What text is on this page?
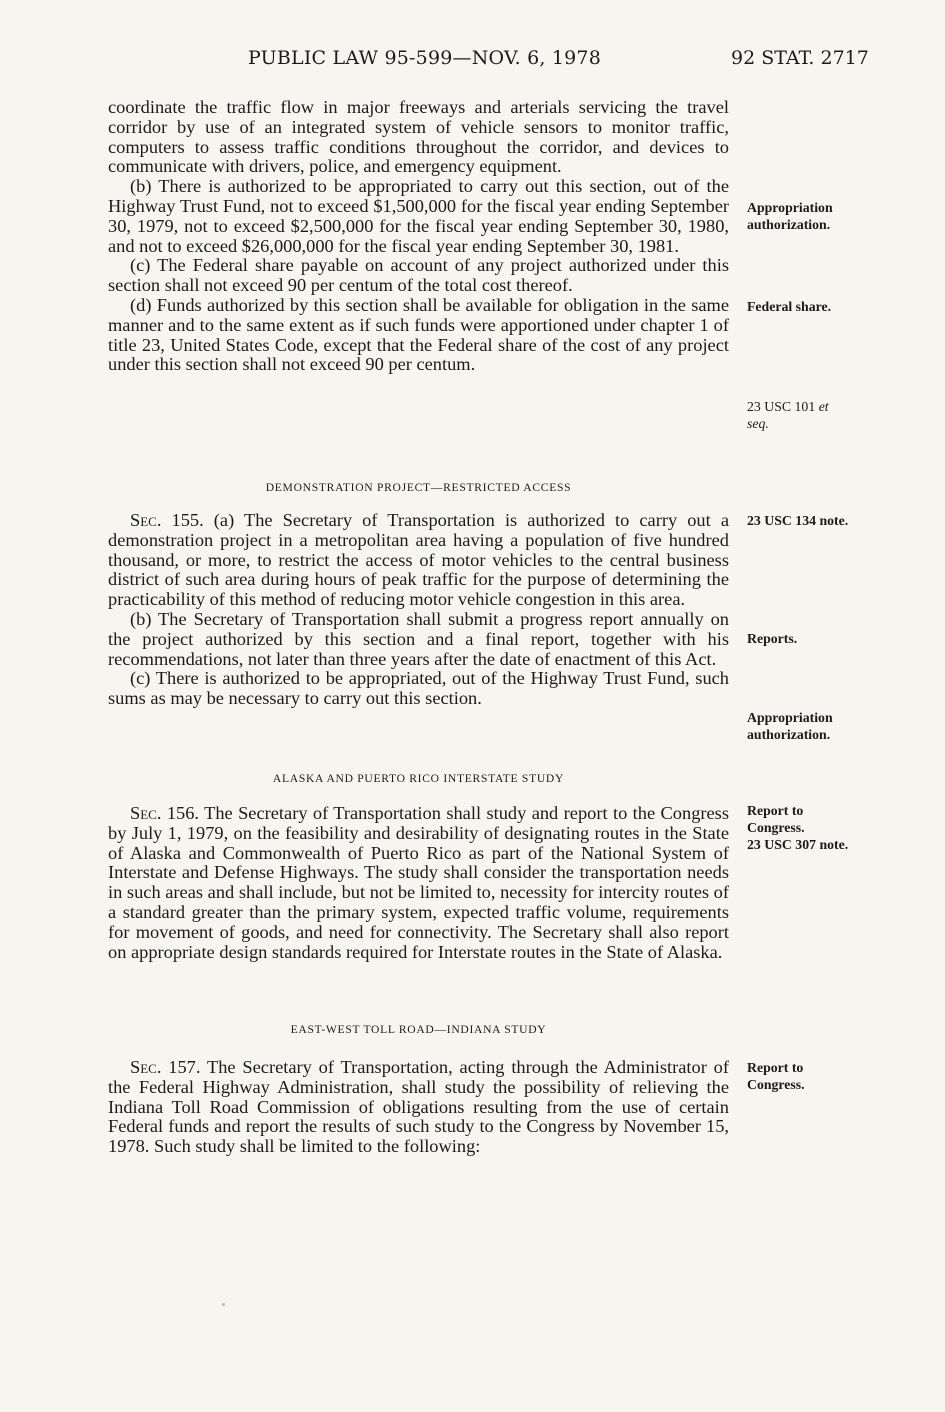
PUBLIC LAW 95-599—NOV. 6, 1978	92 STAT. 2717

coordinate the traffic flow in major freeways and arterials servicing the travel corridor by use of an integrated system of vehicle sensors to monitor traffic, computers to assess traffic conditions throughout the corridor, and devices to communicate with drivers, police, and emergency equipment.

(b) There is authorized to be appropriated to carry out this section, out of the Highway Trust Fund, not to exceed $1,500,000 for the fiscal year ending September 30, 1979, not to exceed $2,500,000 for the fiscal year ending September 30, 1980, and not to exceed $26,000,000 for the fiscal year ending September 30, 1981.

(c) The Federal share payable on account of any project authorized under this section shall not exceed 90 per centum of the total cost thereof.

(d) Funds authorized by this section shall be available for obligation in the same manner and to the same extent as if such funds were apportioned under chapter 1 of title 23, United States Code, except that the Federal share of the cost of any project under this section shall not exceed 90 per centum.

DEMONSTRATION PROJECT—RESTRICTED ACCESS

Sec. 155. (a) The Secretary of Transportation is authorized to carry out a demonstration project in a metropolitan area having a population of five hundred thousand, or more, to restrict the access of motor vehicles to the central business district of such area during hours of peak traffic for the purpose of determining the practicability of this method of reducing motor vehicle congestion in this area.

(b) The Secretary of Transportation shall submit a progress report annually on the project authorized by this section and a final report, together with his recommendations, not later than three years after the date of enactment of this Act.

(c) There is authorized to be appropriated, out of the Highway Trust Fund, such sums as may be necessary to carry out this section.

ALASKA AND PUERTO RICO INTERSTATE STUDY

Sec. 156. The Secretary of Transportation shall study and report to the Congress by July 1, 1979, on the feasibility and desirability of designating routes in the State of Alaska and Commonwealth of Puerto Rico as part of the National System of Interstate and Defense Highways. The study shall consider the transportation needs in such areas and shall include, but not be limited to, necessity for intercity routes of a standard greater than the primary system, expected traffic volume, requirements for movement of goods, and need for connectivity. The Secretary shall also report on appropriate design standards required for Interstate routes in the State of Alaska.

EAST-WEST TOLL ROAD—INDIANA STUDY

Sec. 157. The Secretary of Transportation, acting through the Administrator of the Federal Highway Administration, shall study the possibility of relieving the Indiana Toll Road Commission of obligations resulting from the use of certain Federal funds and report the results of such study to the Congress by November 15, 1978. Such study shall be limited to the following:

Appropriation
authorization.
Federal share.
23 USC 101 et
seq.
23 USC 134 note.
Reports.
Appropriation
authorization.
Report to
Congress.
23 USC 307 note.
Report to
Congress.
